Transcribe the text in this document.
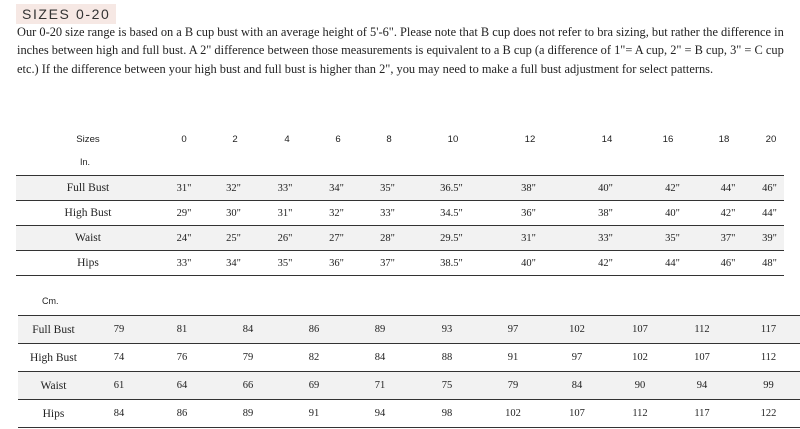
SIZES 0-20

Our 0-20 size range is based on a B cup bust with an average height of 5'-6". Please note that B cup does not refer to bra sizing, but rather the difference in inches between high and full bust. A 2" difference between those measurements is equivalent to a B cup (a difference of 1"= A cup, 2" = B cup, 3" = C cup etc.) If the difference between your high bust and full bust is higher than 2", you may need to make a full bust adjustment for select patterns.

Sizes	0	2	4	6	8	10	12	14	16	18	20
In.
Full Bust	31"	32"	33"	34"	35"	36.5"	38"	40"	42"	44"	46"
High Bust	29"	30"	31"	32"	33"	34.5"	36"	38"	40"	42"	44"
Waist	24"	25"	26"	27"	28"	29.5"	31"	33"	35"	37"	39"
Hips	33"	34"	35"	36"	37"	38.5"	40"	42"	44"	46"	48"
Cm.
Full Bust	79	81	84	86	89	93	97	102	107	112	117
High Bust	74	76	79	82	84	88	91	97	102	107	112
Waist	61	64	66	69	71	75	79	84	90	94	99
Hips	84	86	89	91	94	98	102	107	112	117	122
